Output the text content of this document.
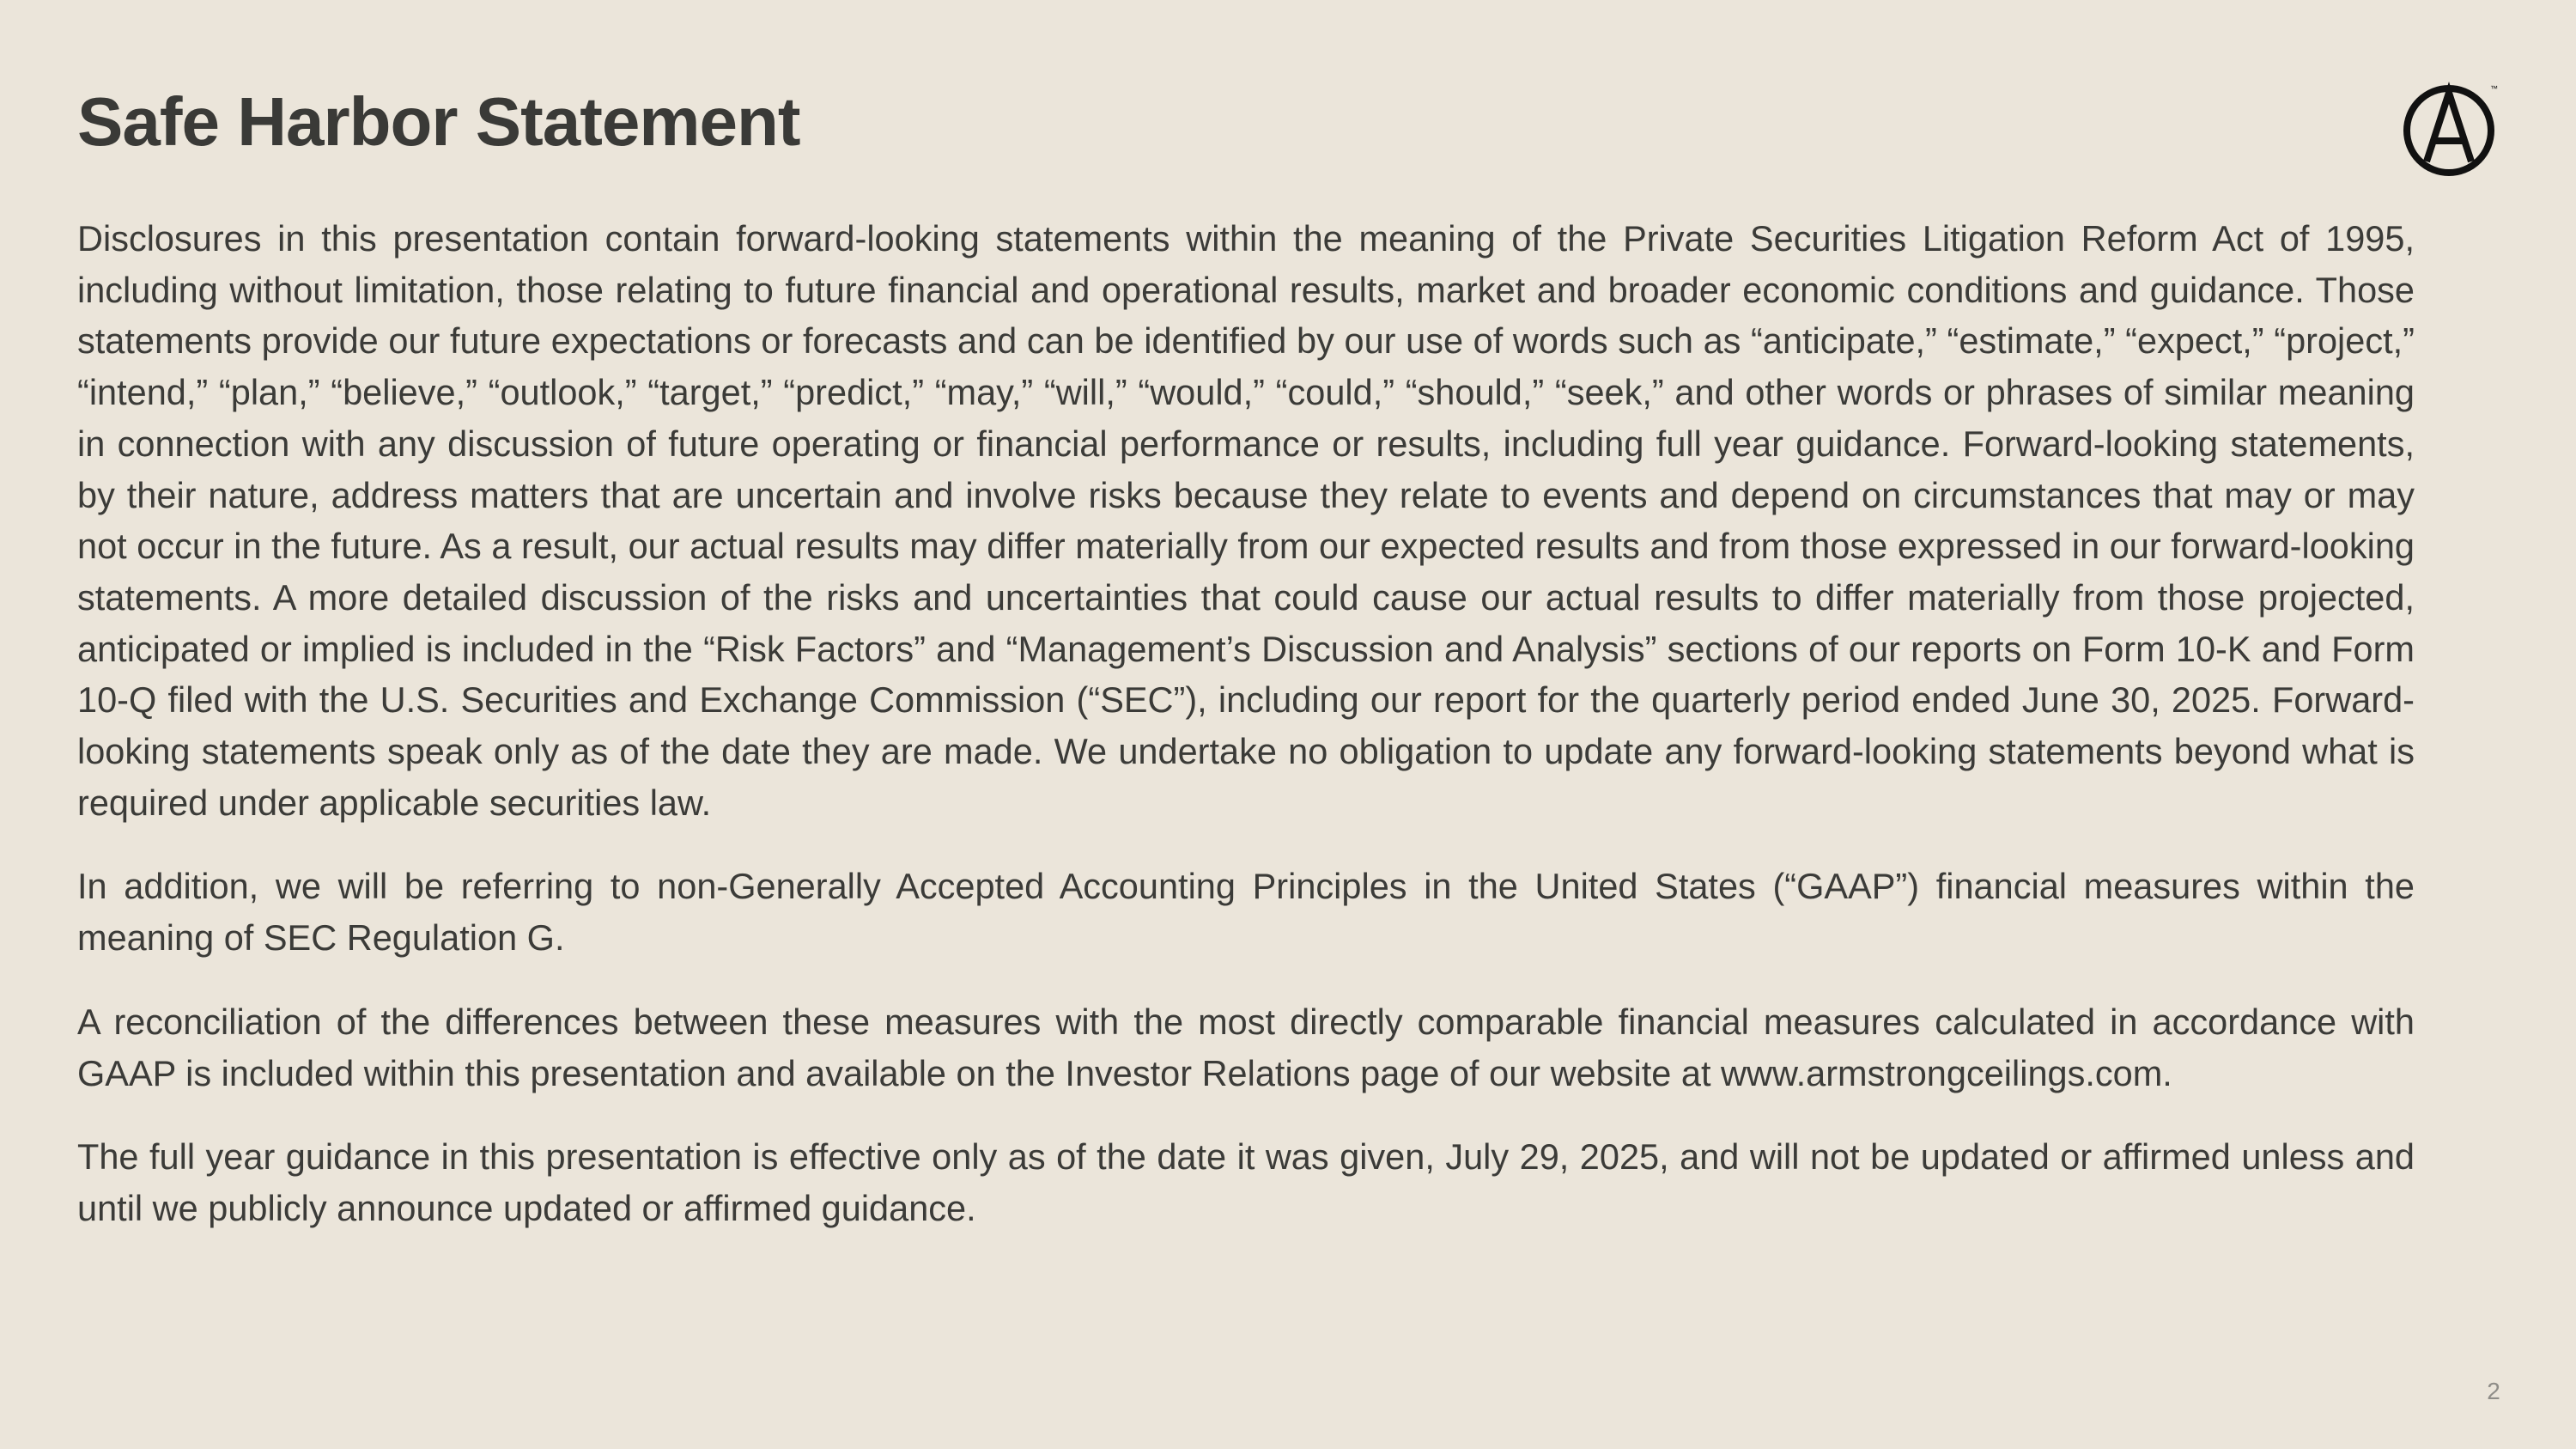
Safe Harbor Statement	™

Disclosures in this presentation contain forward-looking statements within the meaning of the Private Securities Litigation Reform Act of 1995, including without limitation, those relating to future financial and operational results, market and broader economic conditions and guidance. Those statements provide our future expectations or forecasts and can be identified by our use of words such as “anticipate,” “estimate,” “expect,” “project,” “intend,” “plan,” “believe,” “outlook,” “target,” “predict,” “may,” “will,” “would,” “could,” “should,” “seek,” and other words or phrases of similar meaning in connection with any discussion of future operating or financial performance or results, including full year guidance. Forward-looking statements, by their nature, address matters that are uncertain and involve risks because they relate to events and depend on circumstances that may or may not occur in the future. As a result, our actual results may differ materially from our expected results and from those expressed in our forward-looking statements. A more detailed discussion of the risks and uncertainties that could cause our actual results to differ materially from those projected, anticipated or implied is included in the “Risk Factors” and “Management’s Discussion and Analysis” sections of our reports on Form 10-K and Form 10-Q filed with the U.S. Securities and Exchange Commission (“SEC”), including our report for the quarterly period ended June 30, 2025. Forward-looking statements speak only as of the date they are made. We undertake no obligation to update any forward-looking statements beyond what is required under applicable securities law.

In addition, we will be referring to non-Generally Accepted Accounting Principles in the United States (“GAAP”) financial measures within the meaning of SEC Regulation G.

A reconciliation of the differences between these measures with the most directly comparable financial measures calculated in accordance with GAAP is included within this presentation and available on the Investor Relations page of our website at www.armstrongceilings.com.

The full year guidance in this presentation is effective only as of the date it was given, July 29, 2025, and will not be updated or affirmed unless and until we publicly announce updated or affirmed guidance.

2
